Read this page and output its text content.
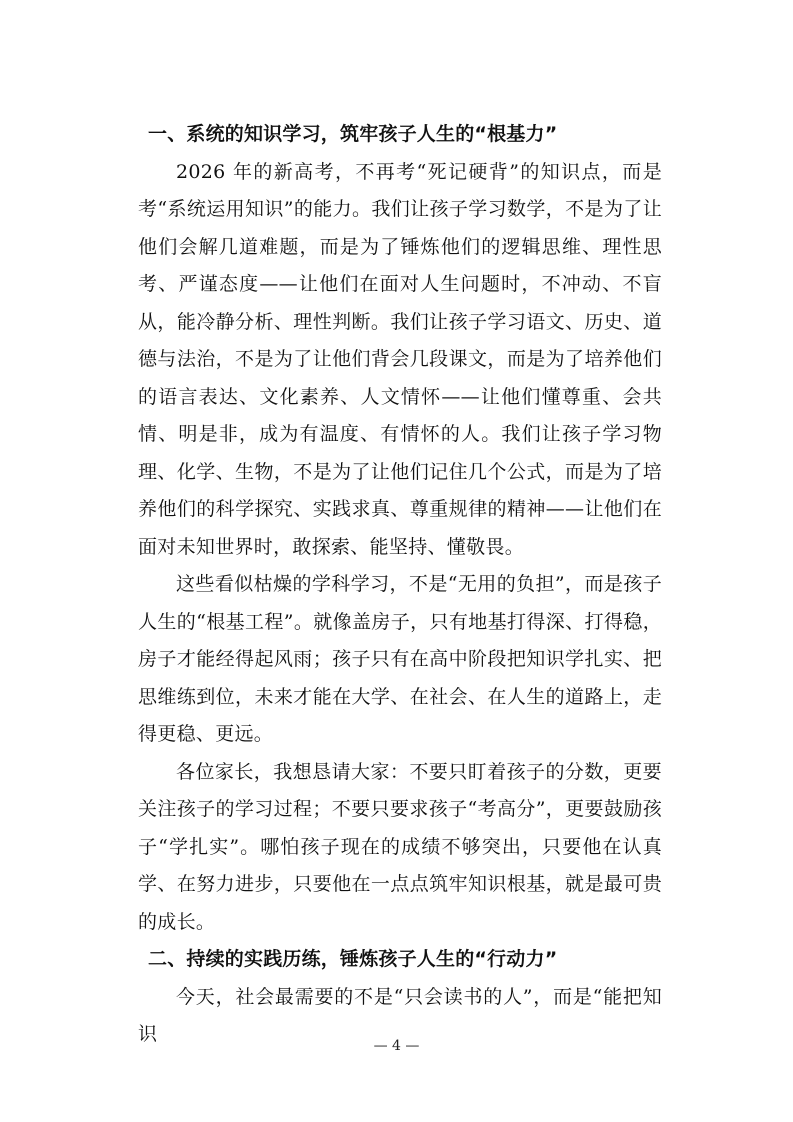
一、系统的知识学习，筑牢孩子人生的“根基力”

2026 年的新高考，不再考“死记硬背”的知识点，而是考“系统运用知识”的能力。我们让孩子学习数学，不是为了让他们会解几道难题，而是为了锤炼他们的逻辑思维、理性思考、严谨态度——让他们在面对人生问题时，不冲动、不盲从，能冷静分析、理性判断。我们让孩子学习语文、历史、道德与法治，不是为了让他们背会几段课文，而是为了培养他们的语言表达、文化素养、人文情怀——让他们懂尊重、会共情、明是非，成为有温度、有情怀的人。我们让孩子学习物理、化学、生物，不是为了让他们记住几个公式，而是为了培养他们的科学探究、实践求真、尊重规律的精神——让他们在面对未知世界时，敢探索、能坚持、懂敬畏。

这些看似枯燥的学科学习，不是“无用的负担”，而是孩子人生的“根基工程”。就像盖房子，只有地基打得深、打得稳，房子才能经得起风雨；孩子只有在高中阶段把知识学扎实、把思维练到位，未来才能在大学、在社会、在人生的道路上，走得更稳、更远。

各位家长，我想恳请大家：不要只盯着孩子的分数，更要关注孩子的学习过程；不要只要求孩子“考高分”，更要鼓励孩子“学扎实”。哪怕孩子现在的成绩不够突出，只要他在认真学、在努力进步，只要他在一点点筑牢知识根基，就是最可贵的成长。

二、持续的实践历练，锤炼孩子人生的“行动力”

今天，社会最需要的不是“只会读书的人”，而是“能把知识

— 4 —
